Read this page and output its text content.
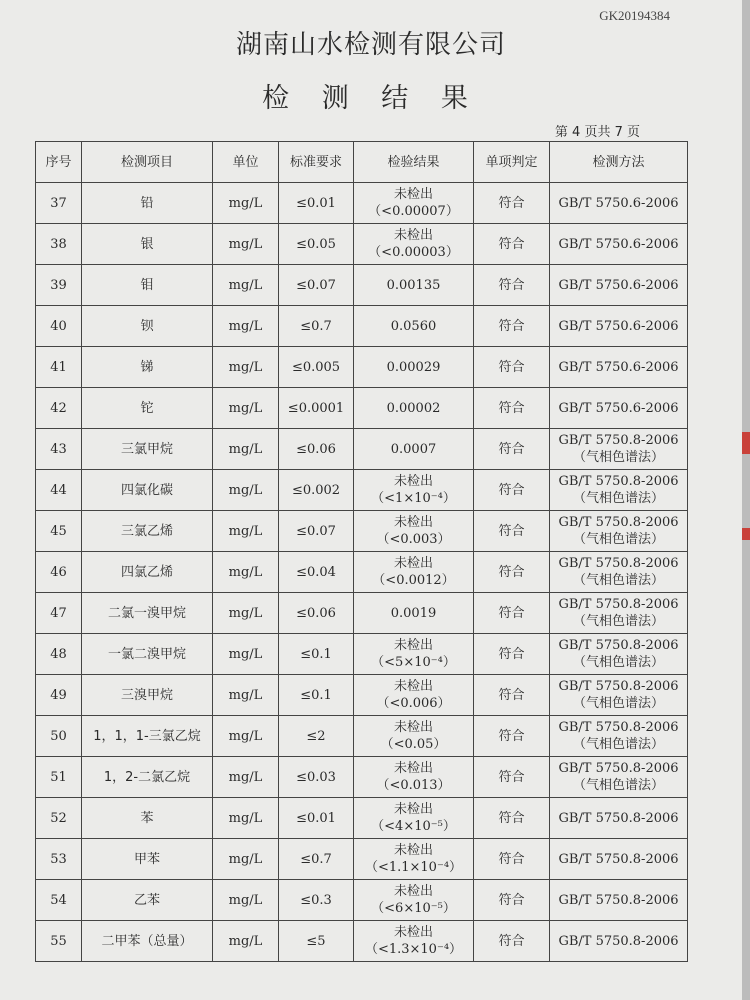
GK20194384
湖南山水检测有限公司
检 测 结 果
第 4 页共 7 页
序号	检测项目	单位	标准要求	检验结果	单项判定	检测方法
37	铅	mg/L	≤0.01	未检出
（<0.00007）	符合	GB/T 5750.6-2006

38	银	mg/L	≤0.05	未检出
（<0.00003）	符合	GB/T 5750.6-2006

39	钼	mg/L	≤0.07	0.00135	符合	GB/T 5750.6-2006

40	钡	mg/L	≤0.7	0.0560	符合	GB/T 5750.6-2006

41	锑	mg/L	≤0.005	0.00029	符合	GB/T 5750.6-2006

42	铊	mg/L	≤0.0001	0.00002	符合	GB/T 5750.6-2006

43	三氯甲烷	mg/L	≤0.06	0.0007	符合	GB/T 5750.8-2006
（气相色谱法）

44	四氯化碳	mg/L	≤0.002	未检出
（<1×10⁻⁴）	符合	GB/T 5750.8-2006
（气相色谱法）

45	三氯乙烯	mg/L	≤0.07	未检出
（<0.003）	符合	GB/T 5750.8-2006
（气相色谱法）

46	四氯乙烯	mg/L	≤0.04	未检出
（<0.0012）	符合	GB/T 5750.8-2006
（气相色谱法）

47	二氯一溴甲烷	mg/L	≤0.06	0.0019	符合	GB/T 5750.8-2006
（气相色谱法）

48	一氯二溴甲烷	mg/L	≤0.1	未检出
（<5×10⁻⁴）	符合	GB/T 5750.8-2006
（气相色谱法）

49	三溴甲烷	mg/L	≤0.1	未检出
（<0.006）	符合	GB/T 5750.8-2006
（气相色谱法）

50	1，1，1-三氯乙烷	mg/L	≤2	未检出
（<0.05）	符合	GB/T 5750.8-2006
（气相色谱法）

51	1，2-二氯乙烷	mg/L	≤0.03	未检出
（<0.013）	符合	GB/T 5750.8-2006
（气相色谱法）

52	苯	mg/L	≤0.01	未检出
（<4×10⁻⁵）	符合	GB/T 5750.8-2006

53	甲苯	mg/L	≤0.7	未检出
（<1.1×10⁻⁴）	符合	GB/T 5750.8-2006

54	乙苯	mg/L	≤0.3	未检出
（<6×10⁻⁵）	符合	GB/T 5750.8-2006

55	二甲苯（总量）	mg/L	≤5	未检出
（<1.3×10⁻⁴）	符合	GB/T 5750.8-2006
